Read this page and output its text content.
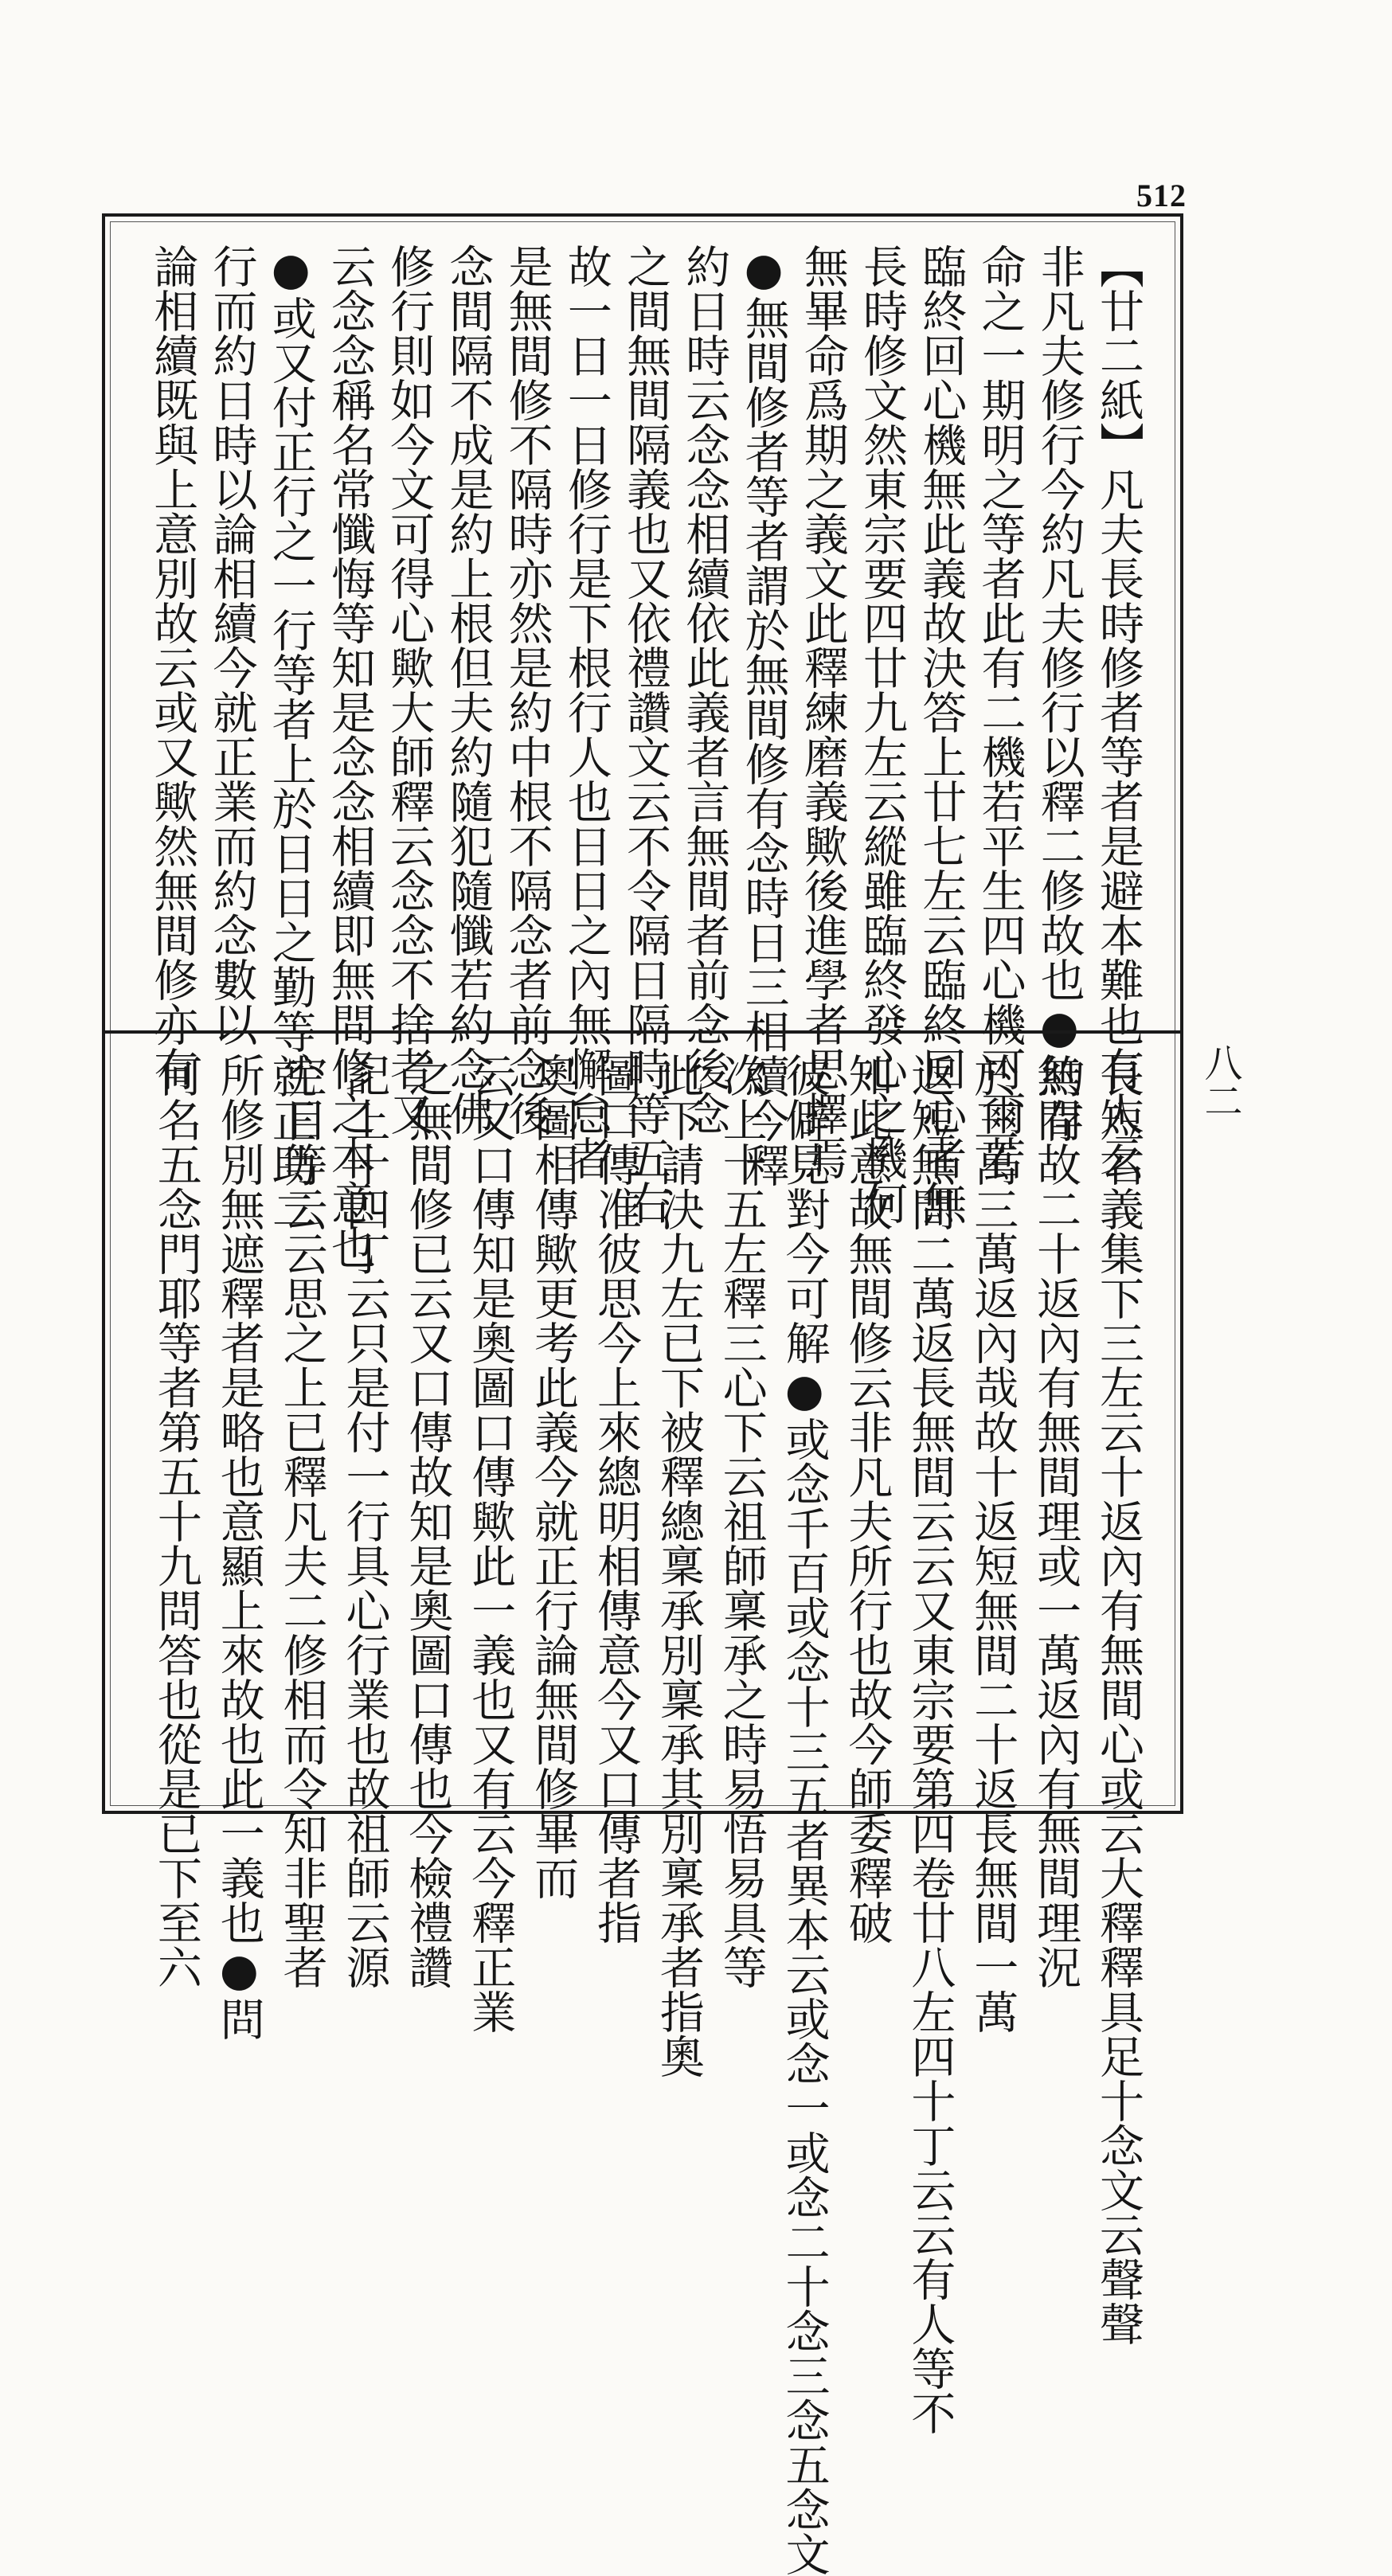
512
【廿二紙】凡夫長時修者等者是避本難也有人云
非凡夫修行今約凡夫修行以釋二修故也●約存
命之一期明之等者此有二機若平生四心機可爾若
臨終回心機無此義故決答上廿七左云臨終回心者無
長時修文然東宗要四廿九左云縱雖臨終發心之機何
無畢命爲期之義文此釋練磨義歟後進學者思擇焉
●無間修者等者謂於無間修有念時日三相續今釋
約日時云念念相續依此義者言無間者前念後念
之間無間隔義也又依禮讚文云不令隔日隔時等五右
故一日一日修行是下根行人也日日之內無懈怠者
是無間修不隔時亦然是約中根不隔念者前念後
念間隔不成是約上根但夫約隨犯隨懺若約念佛
修行則如今文可得心歟大師釋云念念不捨者又
云念念稱名常懺悔等知是念念相續即無間修之本意也
●或又付正行之一行等者上於日日之勤等就正助二
行而約日時以論相續今就正業而約念數以
論相續既與上意別故云或又歟然無間修亦有
長短名義集下三左云十返內有無間心或云大釋釋具足十念文云聲聲
無間故二十返內有無間理或一萬返內有無間理況
於三萬三萬返內哉故十返短無間二十返長無間一萬
返短無間二萬返長無間云云又東宗要第四卷廿八左四十丁云云有人等不
知此意故無間修云非凡夫所行也故今師委釋破
彼僻見對今可解●或念千百或念十三五者異本云或念一或念二十念三念五念文
次上十五左釋三心下云祖師稟承之時易悟易具等
此下請決九左已下被釋總稟承別稟承其別稟承者指奧
圖口傳准彼思今上來總明相傳意今又口傳者指
奧圖相傳歟更考此義今就正行論無間修畢而
云又口傳知是奧圖口傳歟此一義也又有云今釋正業
之無間修已云又口傳故知是奧圖口傳也今檢禮讚
記上十四丁云只是付一行具心行業也故祖師云源
空目等云云思之上已釋凡夫二修相而令知非聖者
所修別無遮釋者是略也意顯上來故也此一義也●問
何名五念門耶等者第五十九問答也從是已下至六	八二
